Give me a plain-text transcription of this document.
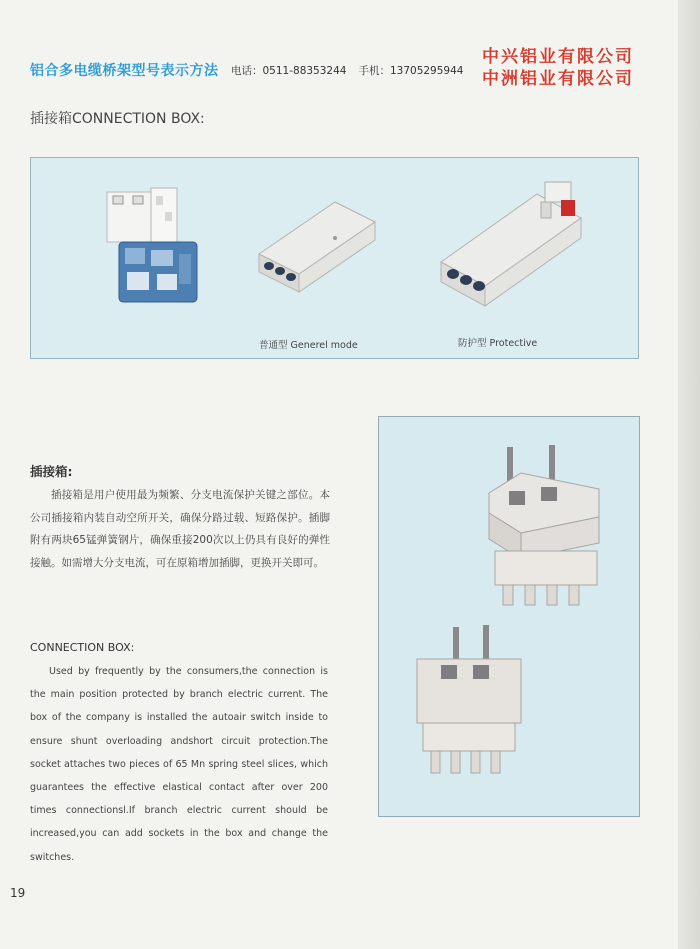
铝合多电缆桥架型号表示方法 电话：0511-88353244 手机：13705295944
中兴铝业有限公司
中洲铝业有限公司
插接箱CONNECTION BOX:
普通型 Generel mode	防护型 Protective
插接箱:
插接箱是用户使用最为频繁、分支电流保护关键之部位。本公司插接箱内装自动空所开关，确保分路过载、短路保护。插脚附有两块65锰弹簧钢片，确保重接200次以上仍具有良好的弹性接触。如需增大分支电流，可在原箱增加插脚，更换开关即可。
CONNECTION BOX:
Used by frequently by the consumers,the connection is the main position protected by branch electric current. The box of the company is installed the autoair switch inside to ensure shunt overloading andshort circuit protection.The socket attaches two pieces of 65 Mn spring steel slices, which guarantees the effective elastical contact after over 200 times connectionsl.If branch electric current should be increased,you can add sockets in the box and change the switches.
19
